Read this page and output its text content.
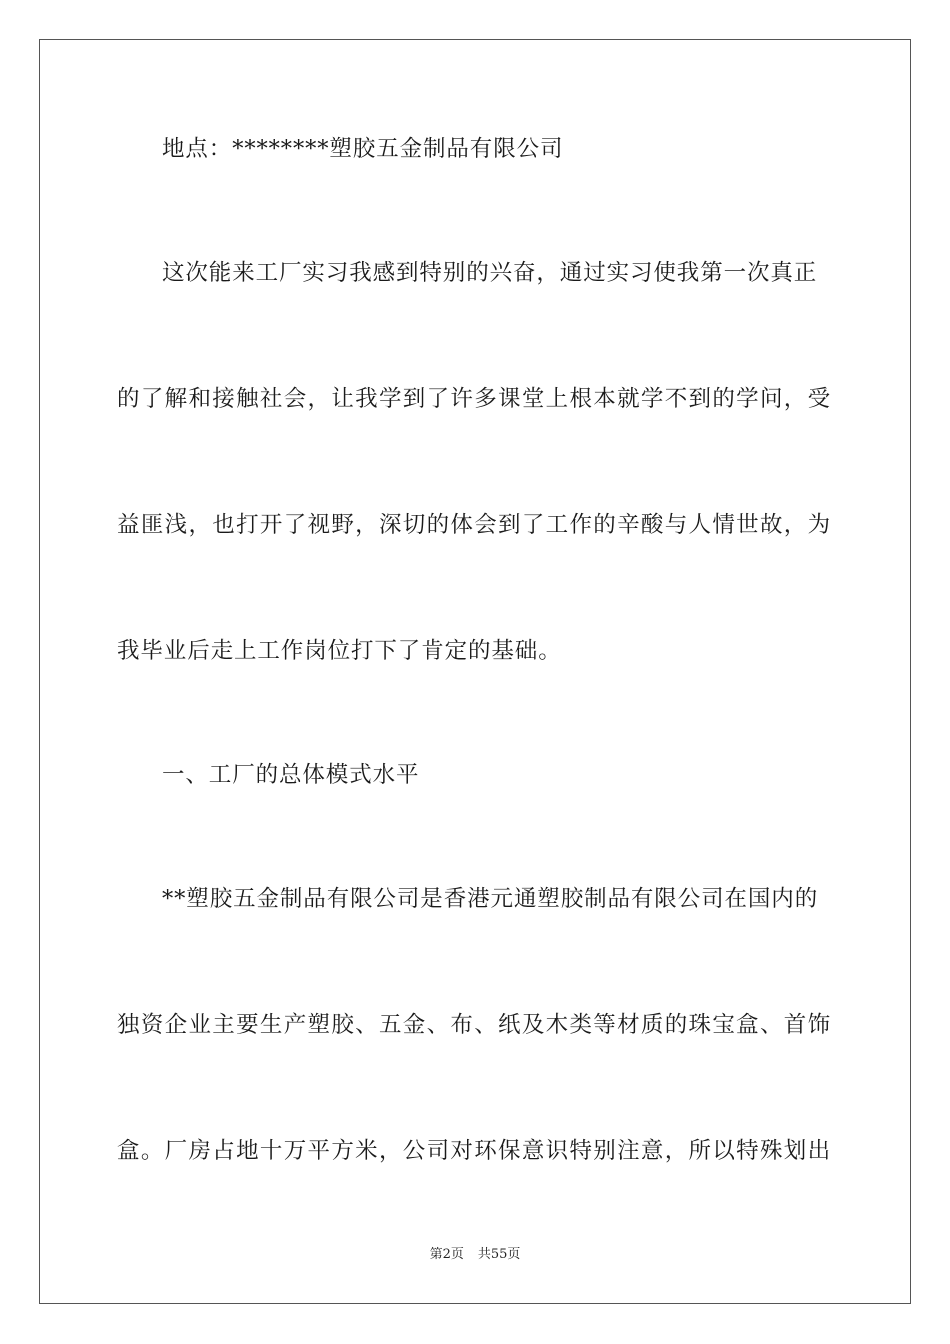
地点：********塑胶五金制品有限公司
这次能来工厂实习我感到特别的兴奋，通过实习使我第一次真正
的了解和接触社会，让我学到了许多课堂上根本就学不到的学问，受
益匪浅，也打开了视野，深切的体会到了工作的辛酸与人情世故，为
我毕业后走上工作岗位打下了肯定的基础。
一、工厂的总体模式水平
**塑胶五金制品有限公司是香港元通塑胶制品有限公司在国内的
独资企业主要生产塑胶、五金、布、纸及木类等材质的珠宝盒、首饰
盒。厂房占地十万平方米，公司对环保意识特别注意，所以特殊划出
第2页 共55页
